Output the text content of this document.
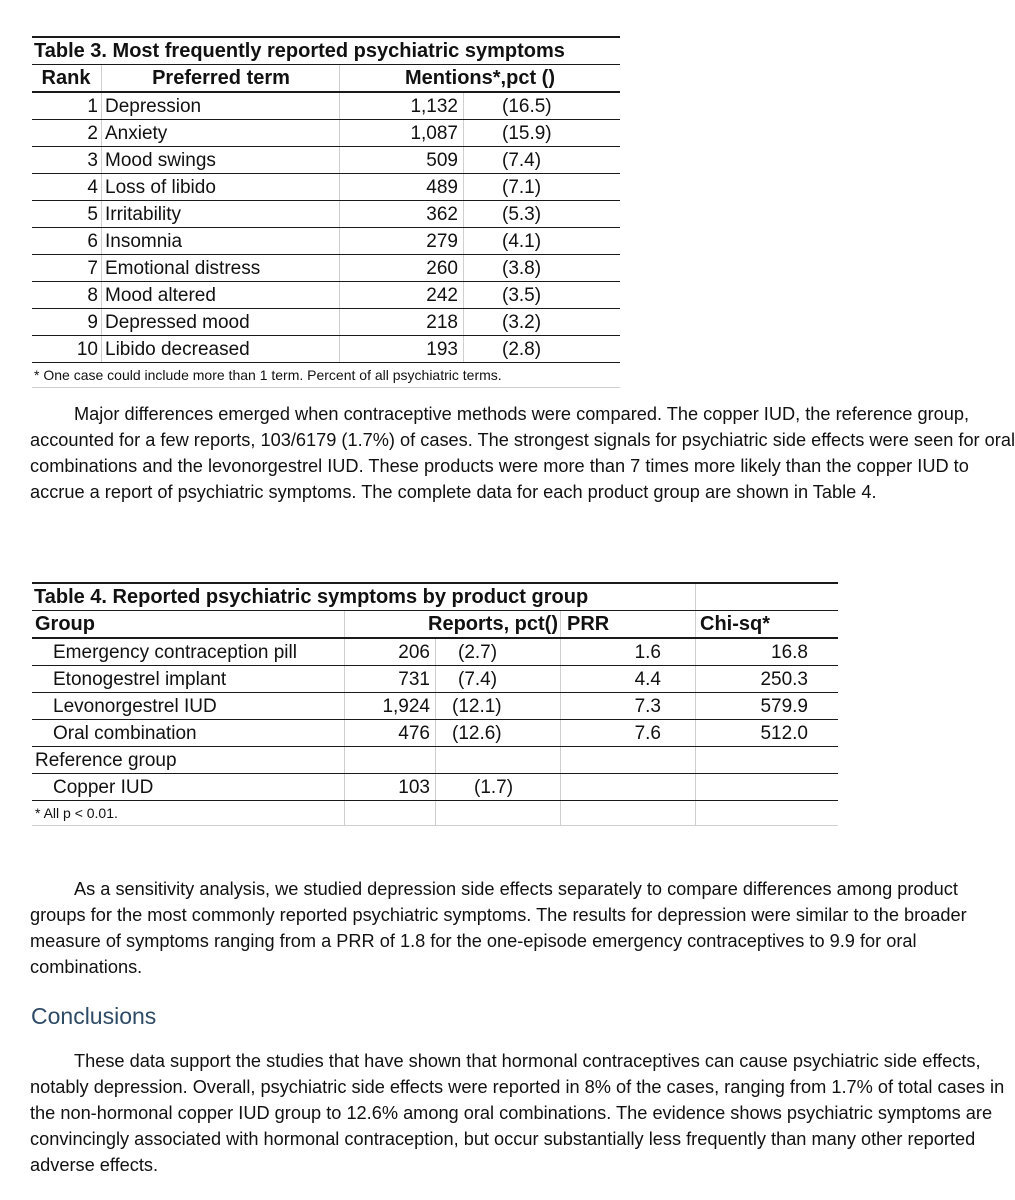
Table 3. Most frequently reported psychiatric symptoms			
Rank	Preferred term	Mentions*,pct ()	
1	Depression	1,132	(16.5)
2	Anxiety	1,087	(15.9)
3	Mood swings	509	(7.4)
4	Loss of libido	489	(7.1)
5	Irritability	362	(5.3)
6	Insomnia	279	(4.1)
7	Emotional distress	260	(3.8)
8	Mood altered	242	(3.5)
9	Depressed mood	218	(3.2)
10	Libido decreased	193	(2.8)
* One case could include more than 1 term. Percent of all psychiatric terms.			

Major differences emerged when contraceptive methods were compared. The copper IUD, the reference group, accounted for a few reports, 103/6179 (1.7%) of cases. The strongest signals for psychiatric side effects were seen for oral combinations and the levonorgestrel IUD. These products were more than 7 times more likely than the copper IUD to accrue a report of psychiatric symptoms. The complete data for each product group are shown in Table 4.

Table 4. Reported psychiatric symptoms by product group				
Group	Reports, pct()		PRR	Chi-sq*
Emergency contraception pill	206	(2.7)	1.6	16.8
Etonogestrel implant	731	(7.4)	4.4	250.3
Levonorgestrel IUD	1,924	(12.1)	7.3	579.9
Oral combination	476	(12.6)	7.6	512.0
Reference group				
Copper IUD	103	(1.7)		
* All p < 0.01.				

As a sensitivity analysis, we studied depression side effects separately to compare differences among product groups for the most commonly reported psychiatric symptoms. The results for depression were similar to the broader measure of symptoms ranging from a PRR of 1.8 for the one-episode emergency contraceptives to 9.9 for oral combinations.

Conclusions

These data support the studies that have shown that hormonal contraceptives can cause psychiatric side effects, notably depression. Overall, psychiatric side effects were reported in 8% of the cases, ranging from 1.7% of total cases in the non-hormonal copper IUD group to 12.6% among oral combinations. The evidence shows psychiatric symptoms are convincingly associated with hormonal contraception, but occur substantially less frequently than many other reported adverse effects.
